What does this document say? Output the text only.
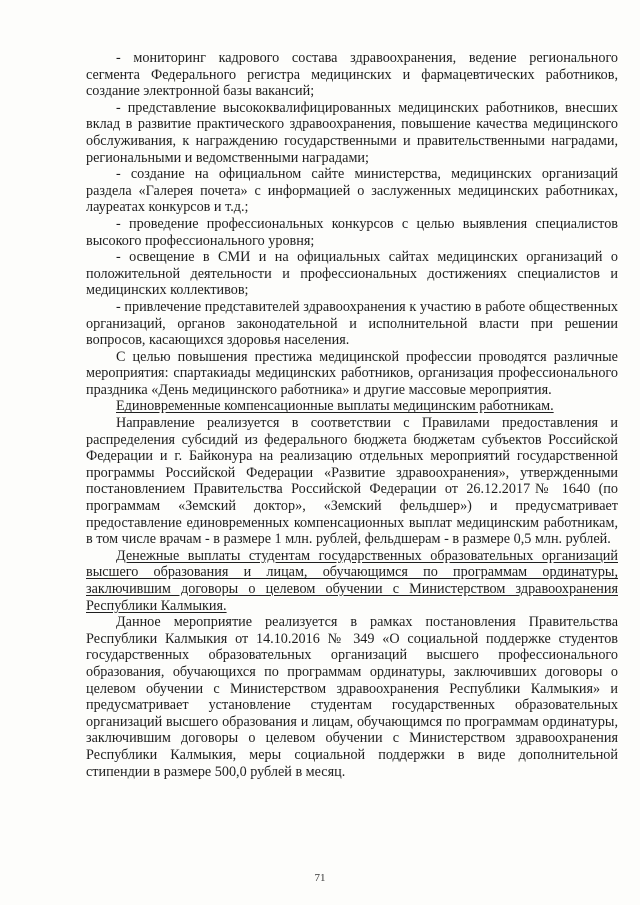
- мониторинг кадрового состава здравоохранения, ведение регионального сегмента Федерального регистра медицинских и фармацевтических работников, создание электронной базы вакансий;

- представление высококвалифицированных медицинских работников, внесших вклад в развитие практического здравоохранения, повышение качества медицинского обслуживания, к награждению государственными и правительственными наградами, региональными и ведомственными наградами;

- создание на официальном сайте министерства, медицинских организаций раздела «Галерея почета» с информацией о заслуженных медицинских работниках, лауреатах конкурсов и т.д.;

- проведение профессиональных конкурсов с целью выявления специалистов высокого профессионального уровня;

- освещение в СМИ и на официальных сайтах медицинских организаций о положительной деятельности и профессиональных достижениях специалистов и медицинских коллективов;

- привлечение представителей здравоохранения к участию в работе общественных организаций, органов законодательной и исполнительной власти при решении вопросов, касающихся здоровья населения.

С целью повышения престижа медицинской профессии проводятся различные мероприятия: спартакиады медицинских работников, организация профессионального праздника «День медицинского работника» и другие массовые мероприятия.

Единовременные компенсационные выплаты медицинским работникам.

Направление реализуется в соответствии с Правилами предоставления и распределения субсидий из федерального бюджета бюджетам субъектов Российской Федерации и г. Байконура на реализацию отдельных мероприятий государственной программы Российской Федерации «Развитие здравоохранения», утвержденными постановлением Правительства Российской Федерации от 26.12.2017№ 1640 (по программам «Земский доктор», «Земский фельдшер») и предусматривает предоставление единовременных компенсационных выплат медицинским работникам, в том числе врачам - в размере 1 млн. рублей, фельдшерам - в размере 0,5 млн. рублей.

Денежные выплаты студентам государственных образовательных организаций высшего образования и лицам, обучающимся по программам ординатуры, заключившим договоры о целевом обучении с Министерством здравоохранения Республики Калмыкия.

Данное мероприятие реализуется в рамках постановления Правительства Республики Калмыкия от 14.10.2016 № 349 «О социальной поддержке студентов государственных образовательных организаций высшего профессионального образования, обучающихся по программам ординатуры, заключивших договоры о целевом обучении с Министерством здравоохранения Республики Калмыкия» и предусматривает установление студентам государственных образовательных организаций высшего образования и лицам, обучающимся по программам ординатуры, заключившим договоры о целевом обучении с Министерством здравоохранения Республики Калмыкия, меры социальной поддержки в виде дополнительной стипендии в размере 500,0 рублей в месяц.

71
